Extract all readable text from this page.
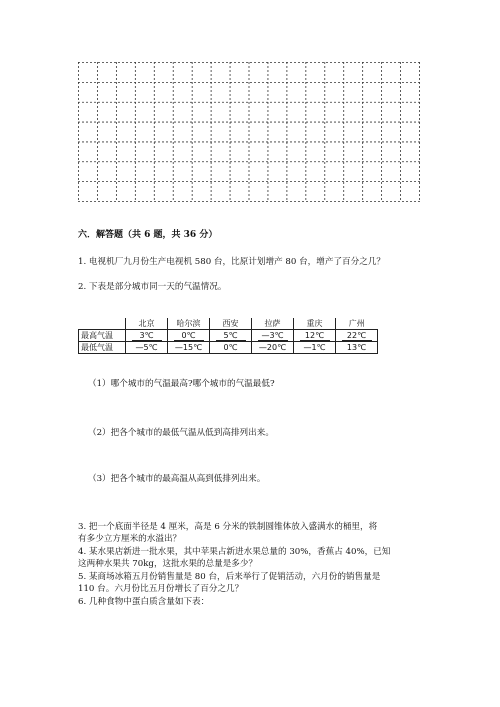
六．解答题（共 6 题，共 36 分）
1. 电视机厂九月份生产电视机 580 台，比原计划增产 80 台，增产了百分之几？
2. 下表是部分城市同一天的气温情况。
	北京	哈尔滨	西安	拉萨	重庆	广州
最高气温	3℃	0℃	5℃	—3℃	12℃	22℃
最低气温	—5℃	—15℃	0℃	—20℃	—1℃	13℃
（1）哪个城市的气温最高?哪个城市的气温最低?
（2）把各个城市的最低气温从低到高排列出来。
（3）把各个城市的最高温从高到低排列出来。
3. 把一个底面半径是 4 厘米，高是 6 分米的铁制圆锥体放入盛满水的桶里，将
有多少立方厘米的水溢出？
4. 某水果店新进一批水果，其中苹果占新进水果总量的 30%，香蕉占 40%，已知
这两种水果共 70kg，这批水果的总量是多少？
5. 某商场冰箱五月份销售量是 80 台，后来举行了促销活动，六月份的销售量是
110 台。六月份比五月份增长了百分之几？
6. 几种食物中蛋白质含量如下表：
